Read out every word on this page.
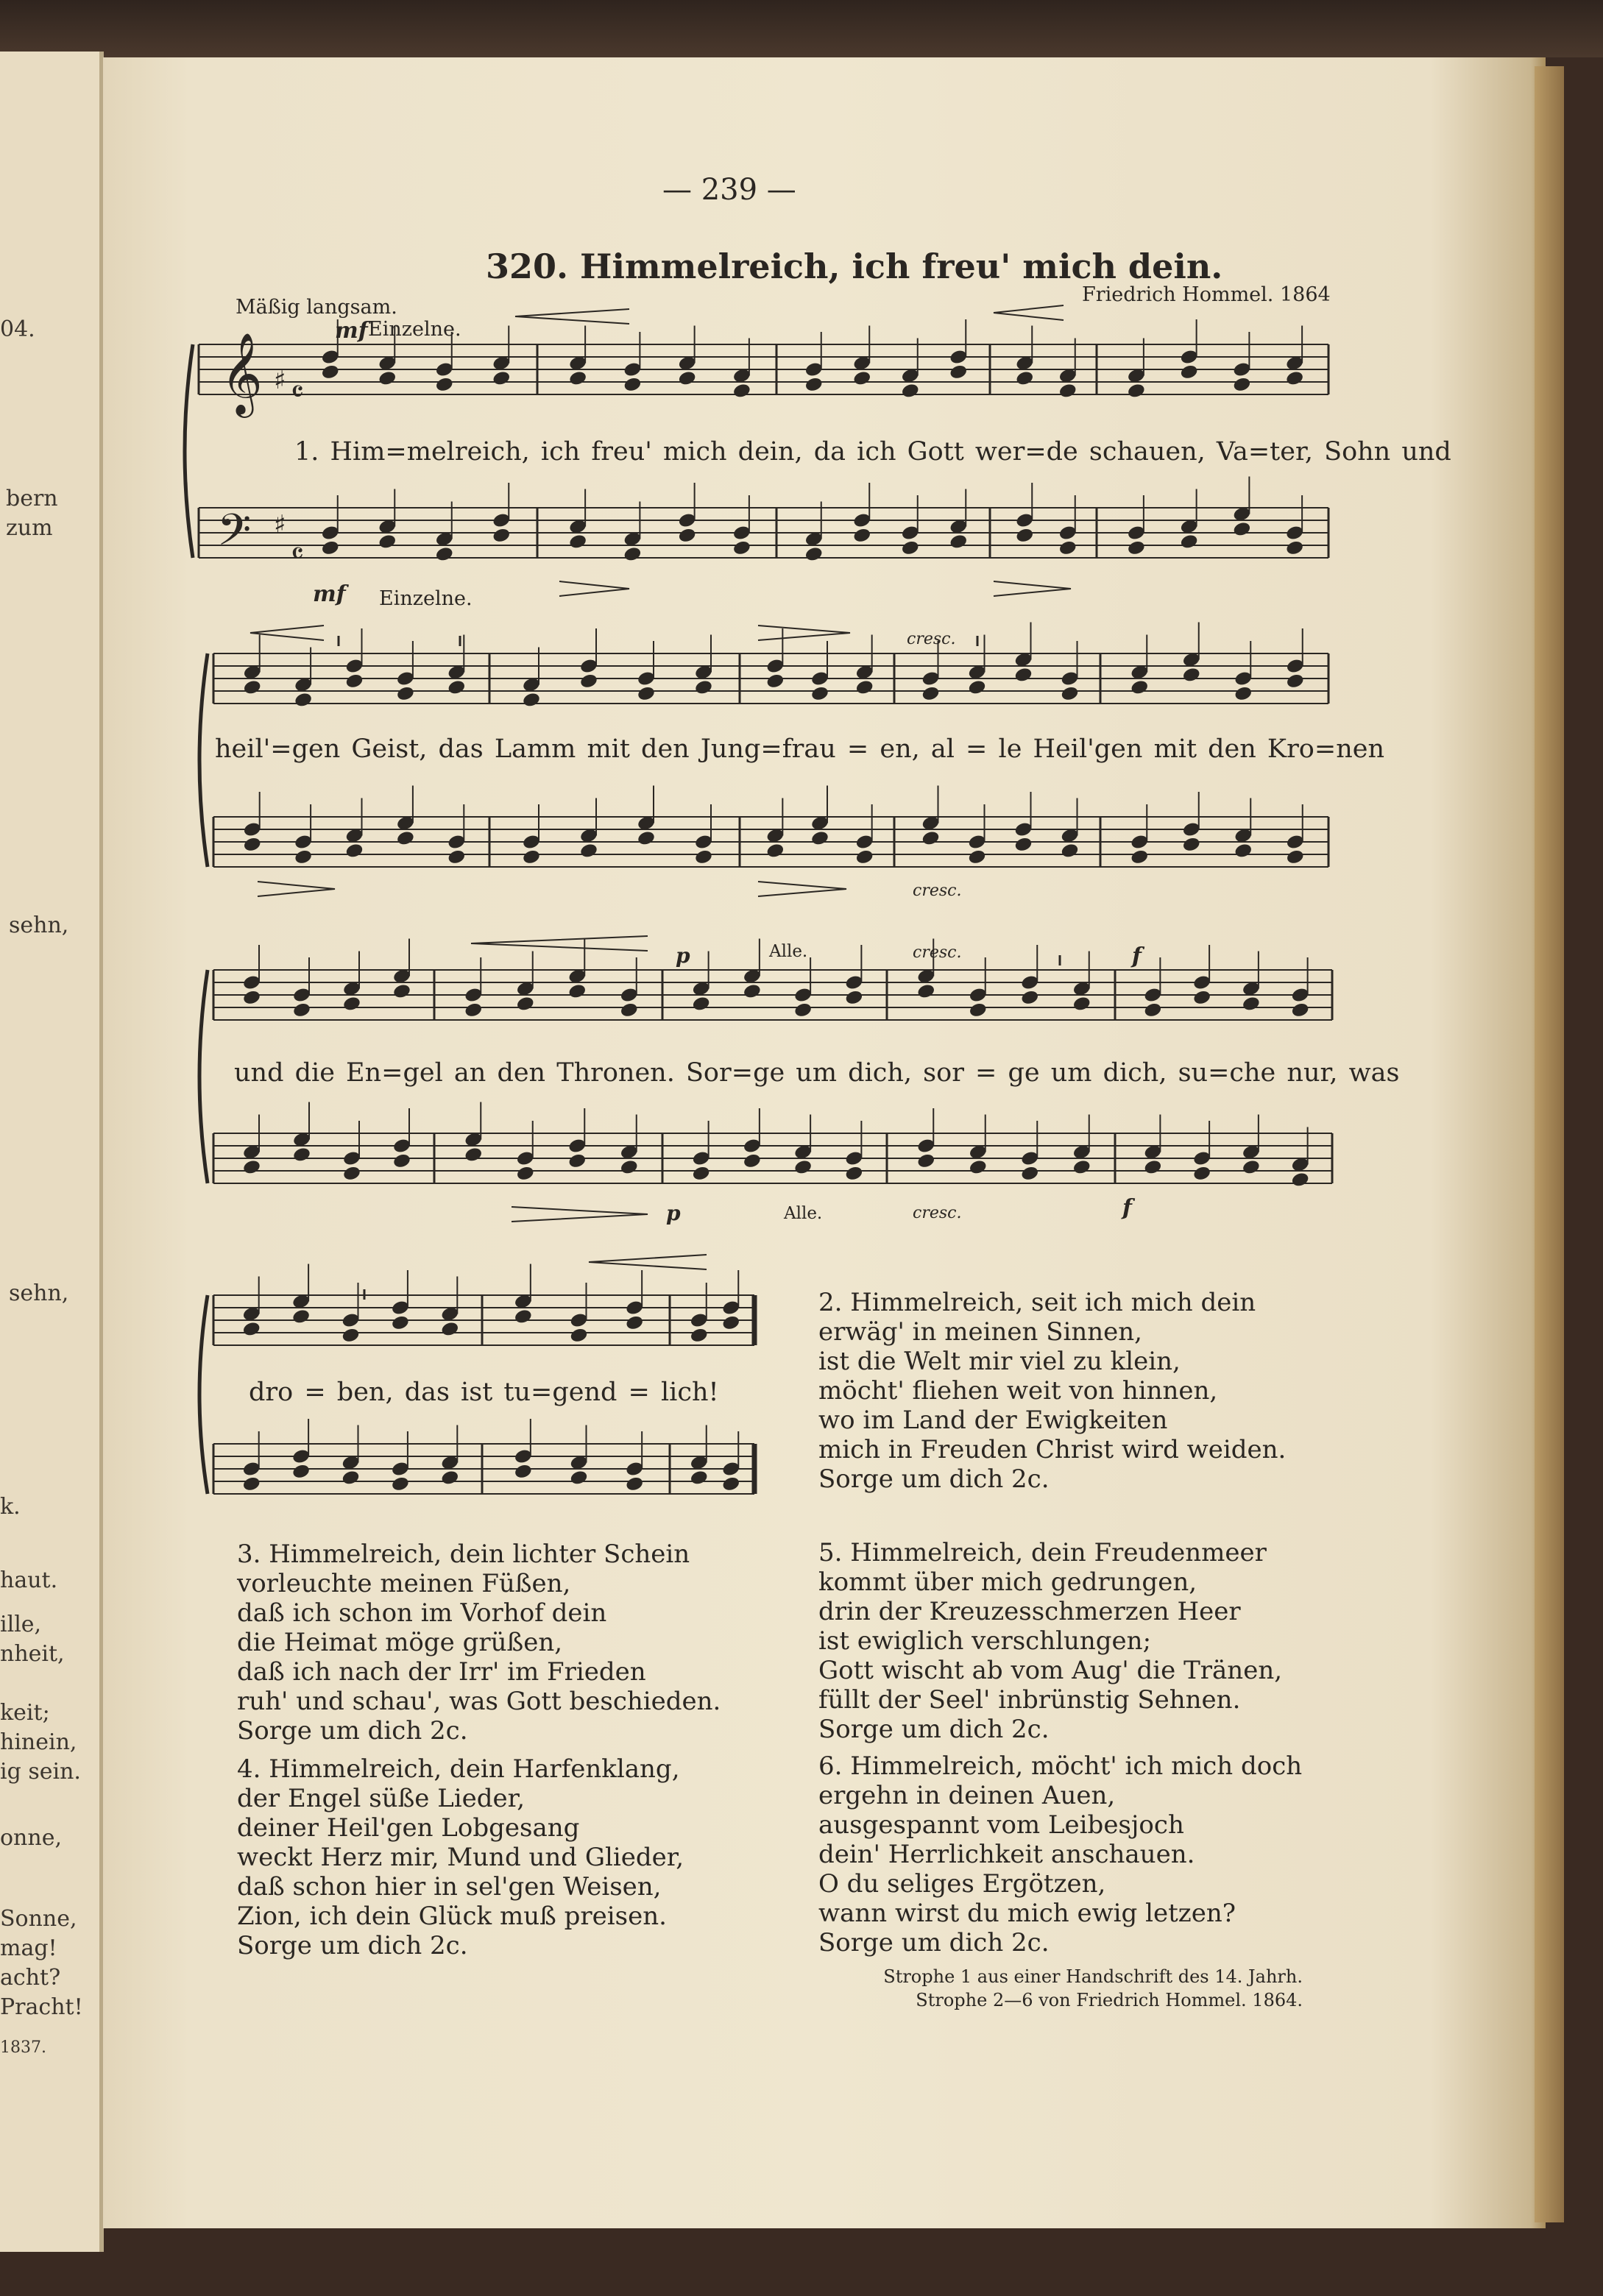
04.
bern
zum
sehn,
sehn,
k.
haut.
ille,
nheit,
keit;
hinein,
ig sein.
onne,
Sonne,
mag!
acht?
Pracht!
1837.
𝄞 ♯ 𝄴
𝄢 ♯
𝄴
— 239 —
320. Himmelreich, ich freu' mich dein.
Mäßig langsam.
Friedrich Hommel. 1864
mf Einzelne.
mf Einzelne.
cresc.
cresc.
p	Alle.	cresc.	f
p	Alle.	cresc.	f
1. Him=melreich, ich freu' mich dein, da ich Gott wer=de schauen, Va=ter, Sohn und
heil'=gen Geist, das Lamm mit den Jung=frau = en, al = le Heil'gen mit den Kro=nen
und die En=gel an den Thronen. Sor=ge um dich, sor = ge um dich, su=che nur, was
dro = ben, das ist tu=gend = lich!
2. Himmelreich, seit ich mich dein
erwäg' in meinen Sinnen,
ist die Welt mir viel zu klein,
möcht' fliehen weit von hinnen,
wo im Land der Ewigkeiten
mich in Freuden Christ wird weiden.
Sorge um dich 2c.
3. Himmelreich, dein lichter Schein
vorleuchte meinen Füßen,
daß ich schon im Vorhof dein
die Heimat möge grüßen,
daß ich nach der Irr' im Frieden
ruh' und schau', was Gott beschieden.
Sorge um dich 2c.
4. Himmelreich, dein Harfenklang,
der Engel süße Lieder,
deiner Heil'gen Lobgesang
weckt Herz mir, Mund und Glieder,
daß schon hier in sel'gen Weisen,
Zion, ich dein Glück muß preisen.
Sorge um dich 2c.
5. Himmelreich, dein Freudenmeer
kommt über mich gedrungen,
drin der Kreuzesschmerzen Heer
ist ewiglich verschlungen;
Gott wischt ab vom Aug' die Tränen,
füllt der Seel' inbrünstig Sehnen.
Sorge um dich 2c.
6. Himmelreich, möcht' ich mich doch
ergehn in deinen Auen,
ausgespannt vom Leibesjoch
dein' Herrlichkeit anschauen.
O du seliges Ergötzen,
wann wirst du mich ewig letzen?
Sorge um dich 2c.
Strophe 1 aus einer Handschrift des 14. Jahrh.
Strophe 2—6 von Friedrich Hommel. 1864.
